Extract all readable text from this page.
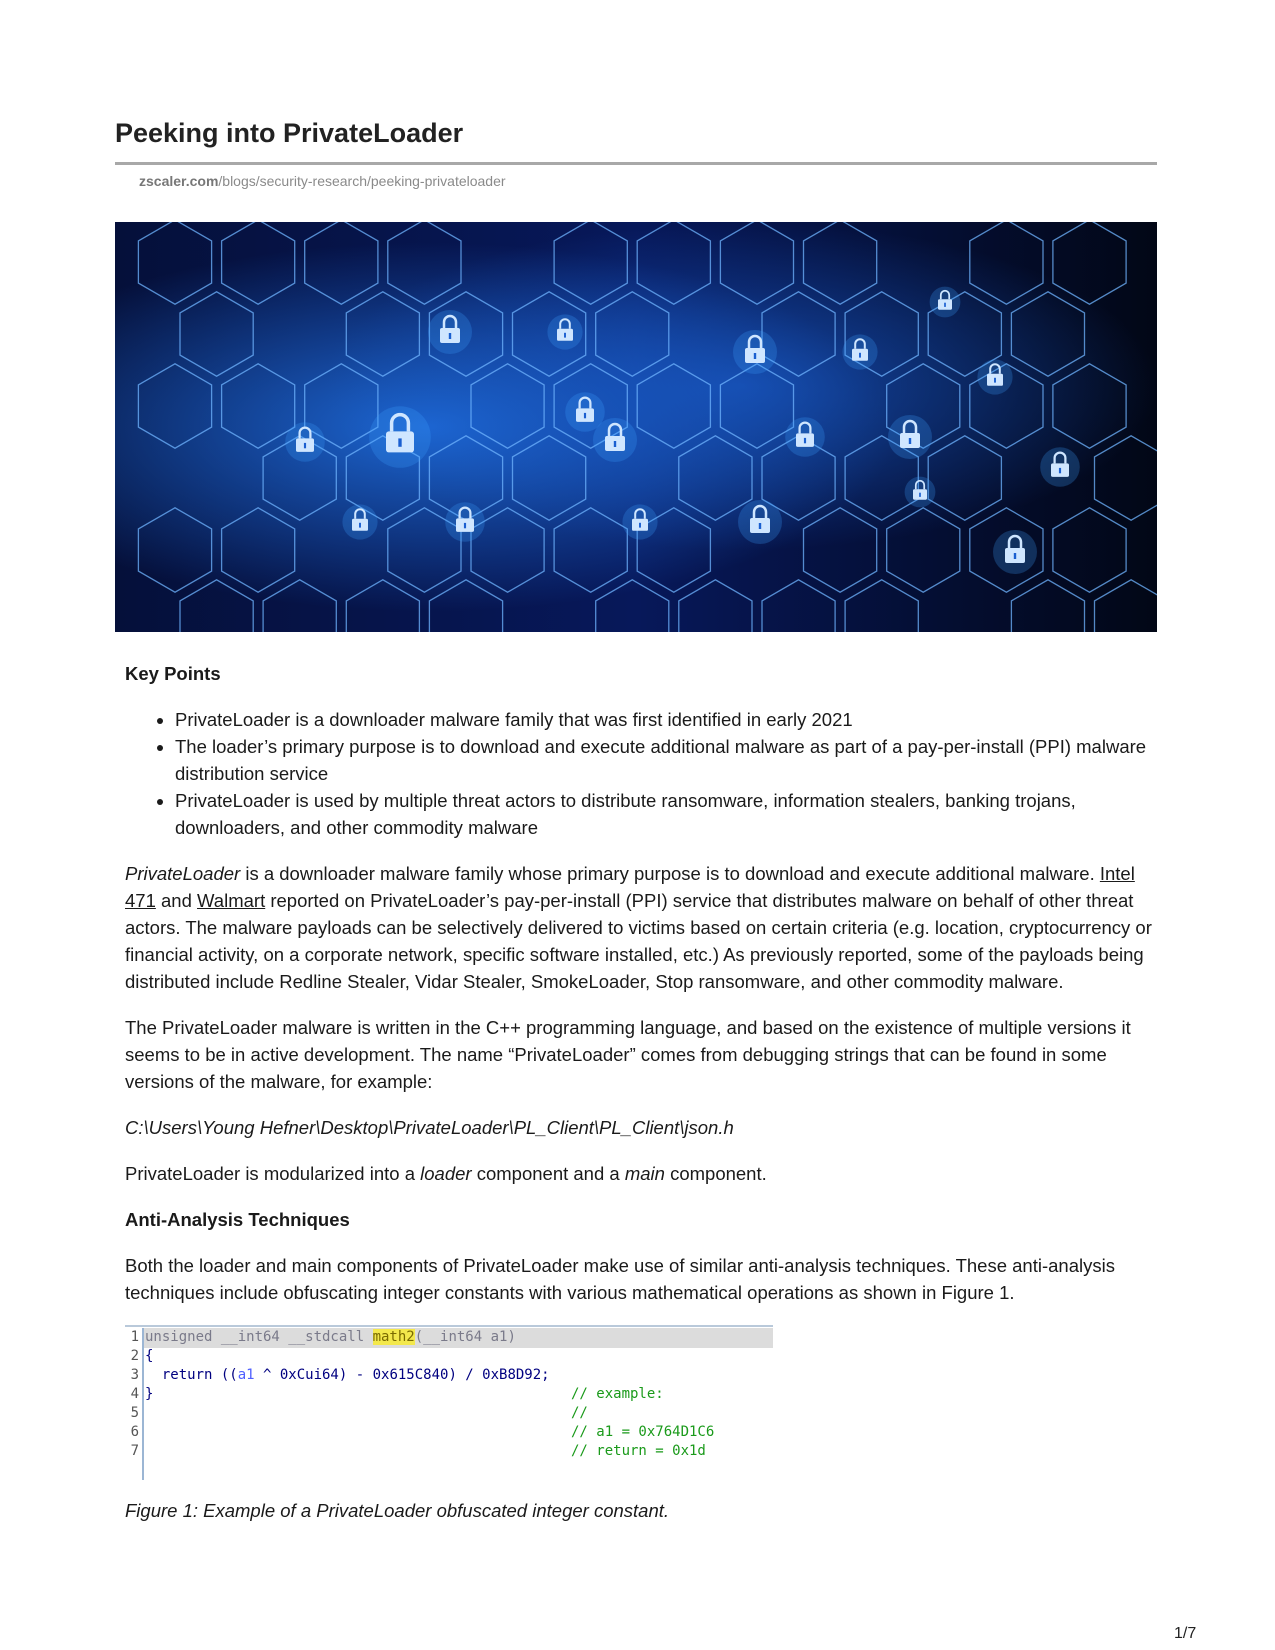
Peeking into PrivateLoader
zscaler.com/blogs/security-research/peeking-privateloader
Key Points
• PrivateLoader is a downloader malware family that was first identified in early 2021
• The loader’s primary purpose is to download and execute additional malware as part of a pay-per-install (PPI) malware distribution service
• PrivateLoader is used by multiple threat actors to distribute ransomware, information stealers, banking trojans, downloaders, and other commodity malware

PrivateLoader is a downloader malware family whose primary purpose is to download and execute additional malware. Intel 471 and Walmart reported on PrivateLoader’s pay-per-install (PPI) service that distributes malware on behalf of other threat actors. The malware payloads can be selectively delivered to victims based on certain criteria (e.g. location, cryptocurrency or financial activity, on a corporate network, specific software installed, etc.) As previously reported, some of the payloads being distributed include Redline Stealer, Vidar Stealer, SmokeLoader, Stop ransomware, and other commodity malware.

The PrivateLoader malware is written in the C++ programming language, and based on the existence of multiple versions it seems to be in active development. The name “PrivateLoader” comes from debugging strings that can be found in some versions of the malware, for example:

C:\Users\Young Hefner\Desktop\PrivateLoader\PL_Client\PL_Client\json.h

PrivateLoader is modularized into a loader component and a main component.

Anti-Analysis Techniques

Both the loader and main components of PrivateLoader make use of similar anti-analysis techniques. These anti-analysis techniques include obfuscating integer constants with various mathematical operations as shown in Figure 1.

1 unsigned __int64 __stdcall math2(__int64 a1)
2 {
3  return ((a1 ^ 0xCui64) - 0x615C840) / 0xB8D92;
4 }
5
6
7
// example:
//
// a1 = 0x764D1C6
// return = 0x1d

Figure 1: Example of a PrivateLoader obfuscated integer constant.

1/7
